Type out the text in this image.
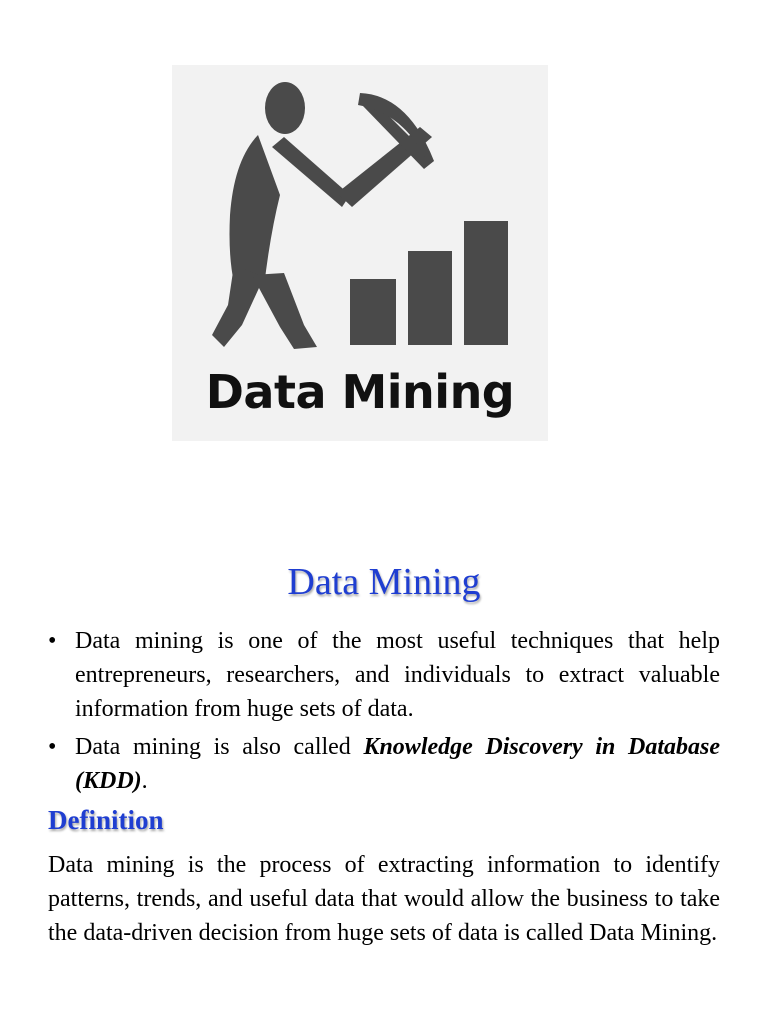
Data Mining
Data Mining
• Data mining is one of the most useful techniques that help entrepreneurs, researchers, and individuals to extract valuable information from huge sets of data.
• Data mining is also called Knowledge Discovery in Database (KDD).
Definition

Data mining is the process of extracting information to identify patterns, trends, and useful data that would allow the business to take the data-driven decision from huge sets of data is called Data Mining.
